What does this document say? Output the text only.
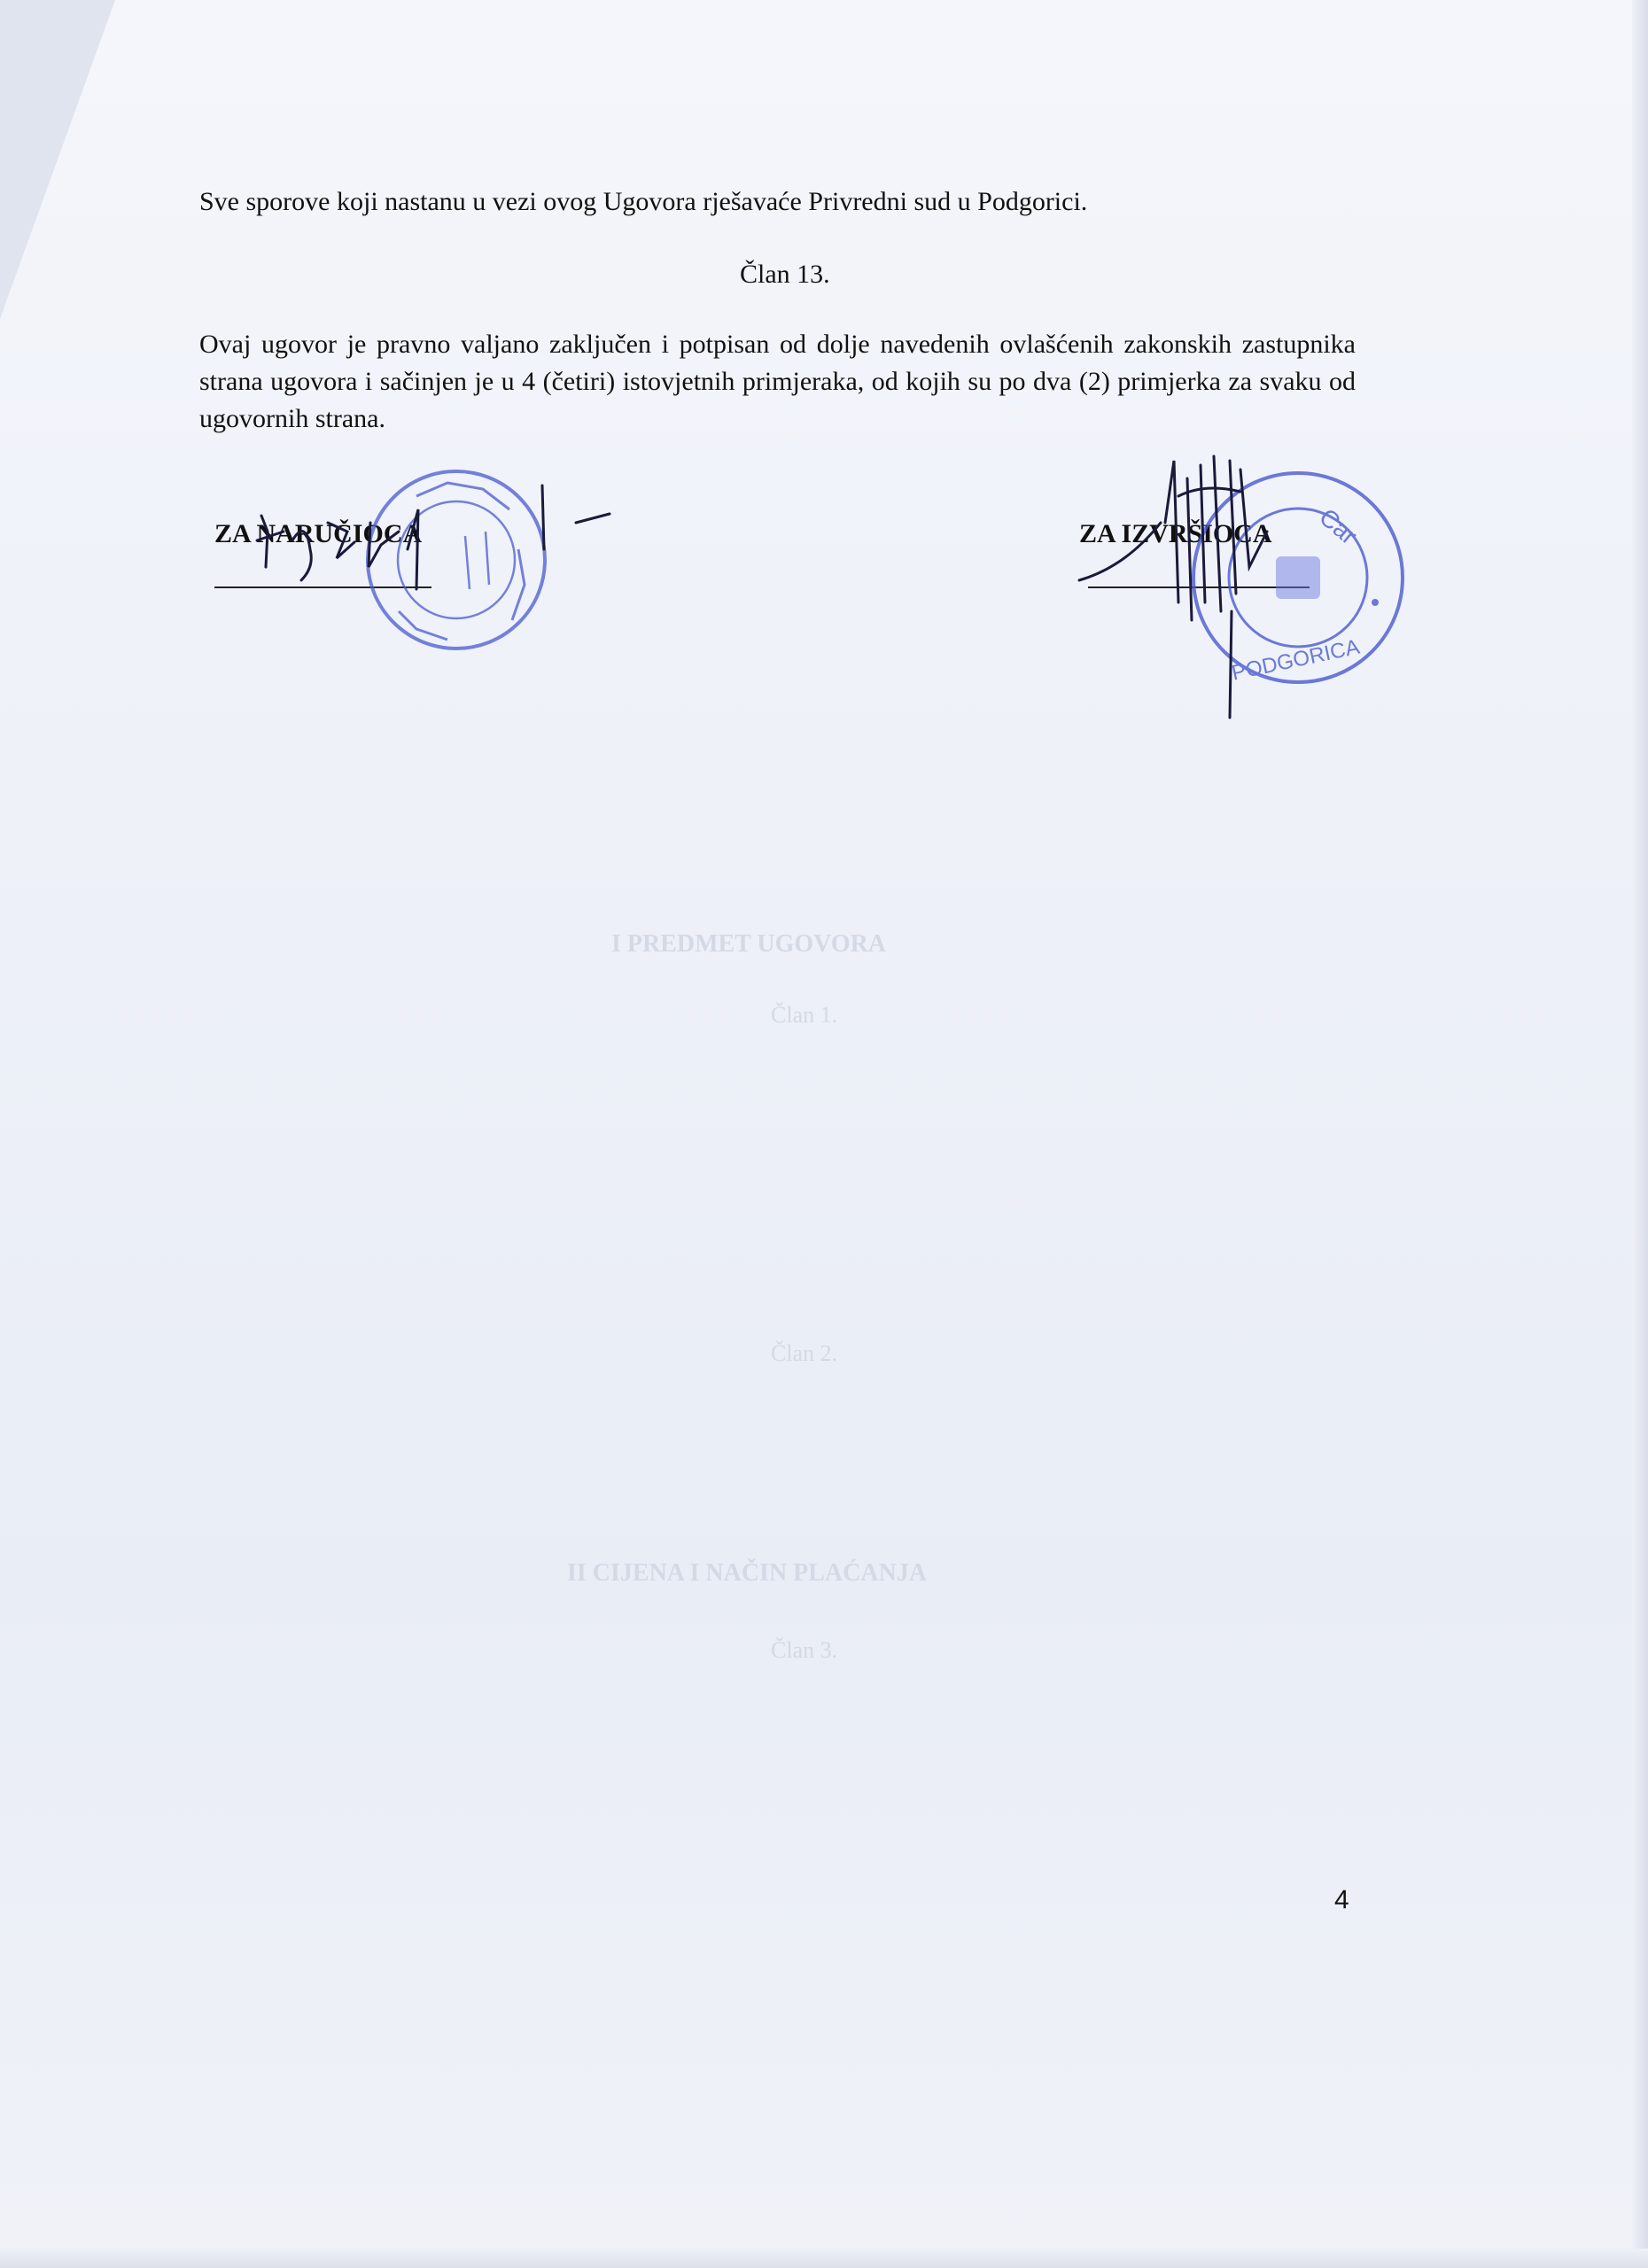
I PREDMET UGOVORA
Član 1.
Član 2.
II CIJENA I NAČIN PLAĆANJA
Član 3.
Sve sporove koji nastanu u vezi ovog Ugovora rješavaće Privredni sud u Podgorici.
Član 13.
Ovaj ugovor je pravno valjano zaključen i potpisan od dolje navedenih ovlašćenih zakonskih zastupnika strana ugovora i sačinjen je u 4 (četiri) istovjetnih primjeraka, od kojih su po dva (2) primjerka za svaku od ugovornih strana.
ZA NARUČIOCA	ZA IZVRŠIOCA
PODGORICA
Car
4
